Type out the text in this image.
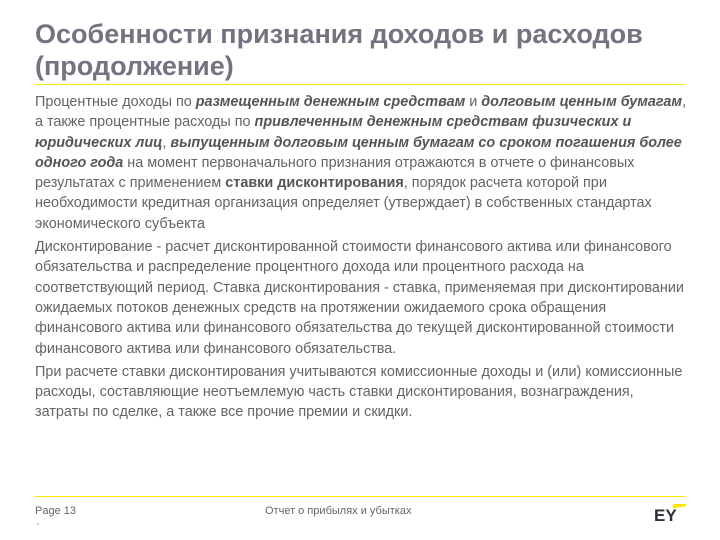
Особенности признания доходов и расходов (продолжение)

Процентные доходы по размещенным денежным средствам и долговым ценным бумагам, а также процентные расходы по привлеченным денежным средствам физических и юридических лиц, выпущенным долговым ценным бумагам со сроком погашения более одного года на момент первоначального признания отражаются в отчете о финансовых результатах с применением ставки дисконтирования, порядок расчета которой при необходимости кредитная организация определяет (утверждает) в собственных стандартах экономического субъекта

Дисконтирование - расчет дисконтированной стоимости финансового актива или финансового обязательства и распределение процентного дохода или процентного расхода на соответствующий период. Ставка дисконтирования - ставка, применяемая при дисконтировании ожидаемых потоков денежных средств на протяжении ожидаемого срока обращения финансового актива или финансового обязательства до текущей дисконтированной стоимости финансового актива или финансового обязательства.

При расчете ставки дисконтирования учитываются комиссионные доходы и (или) комиссионные расходы, составляющие неотъемлемую часть ставки дисконтирования, вознаграждения, затраты по сделке, а также все прочие премии и скидки.

Page 13
·
Отчет о прибылях и убытках	EY
